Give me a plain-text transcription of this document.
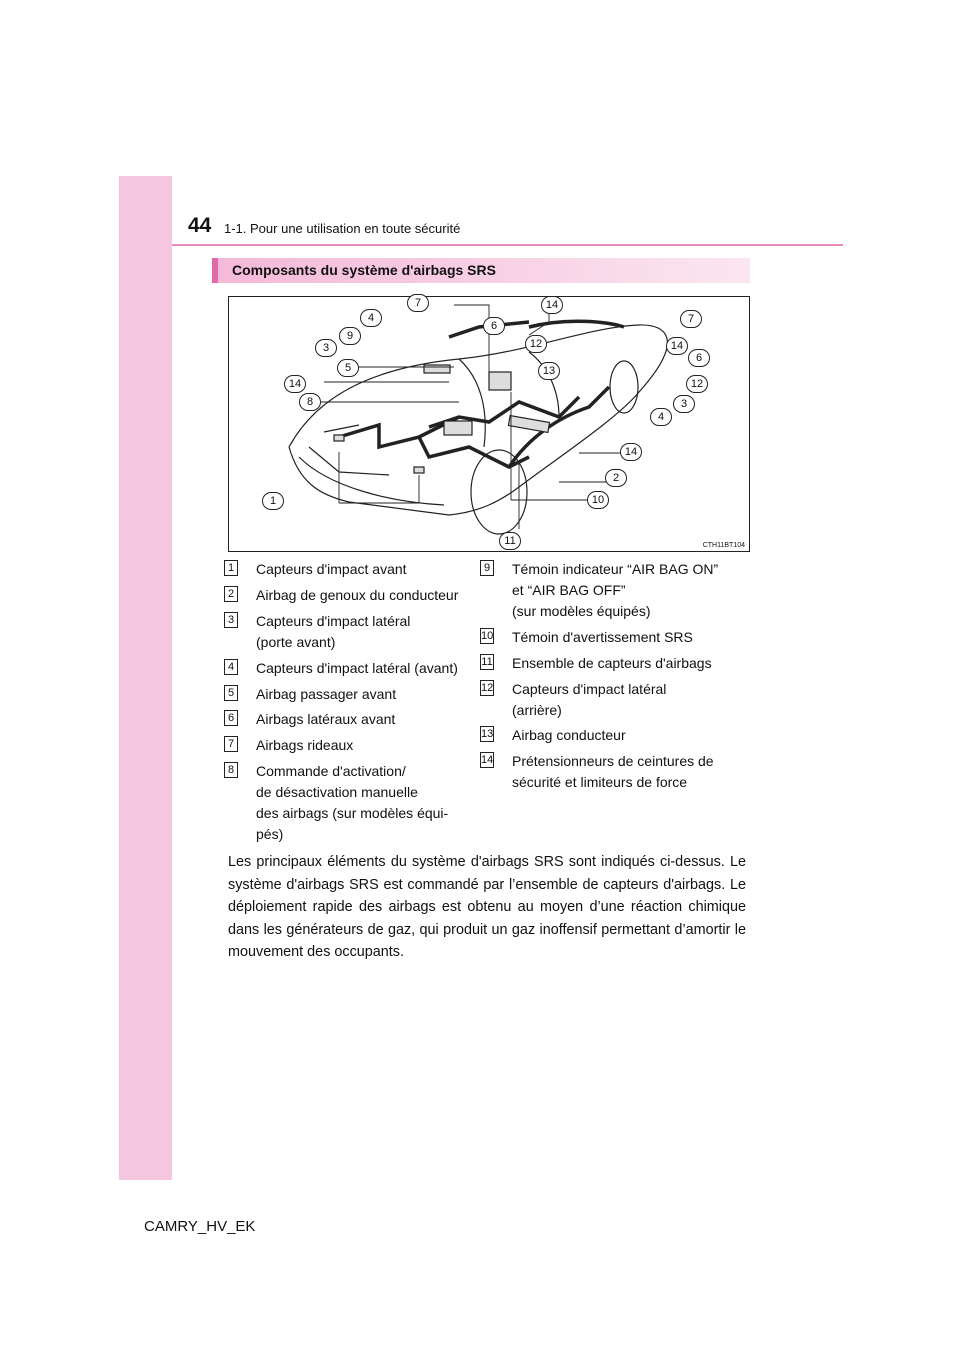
44 1-1. Pour une utilisation en toute sécurité
Composants du système d'airbags SRS
7	14
4
6
9
7
12	14
3
13
6
5
12
14
3
8
4
14
2
1	10
11	CTH11BT104
1 Capteurs d'impact avant
2 Airbag de genoux du conducteur
3 Capteurs d'impact latéral
(porte avant)
4 Capteurs d'impact latéral (avant)
5 Airbag passager avant
6 Airbags latéraux avant
7 Airbags rideaux
8 Commande d'activation/
de désactivation manuelle
des airbags (sur modèles équi-
pés)
9 Témoin indicateur “AIR BAG ON”
et “AIR BAG OFF”
(sur modèles équipés)
10 Témoin d'avertissement SRS
11 Ensemble de capteurs d'airbags
12 Capteurs d'impact latéral
(arrière)
13 Airbag conducteur
14 Prétensionneurs de ceintures de
sécurité et limiteurs de force
Les principaux éléments du système d'airbags SRS sont indiqués ci-dessus. Le système d'airbags SRS est commandé par l’ensemble de capteurs d'airbags. Le déploiement rapide des airbags est obtenu au moyen d’une réaction chimique dans les générateurs de gaz, qui produit un gaz inoffensif permettant d’amortir le mouvement des occupants.
CAMRY_HV_EK
